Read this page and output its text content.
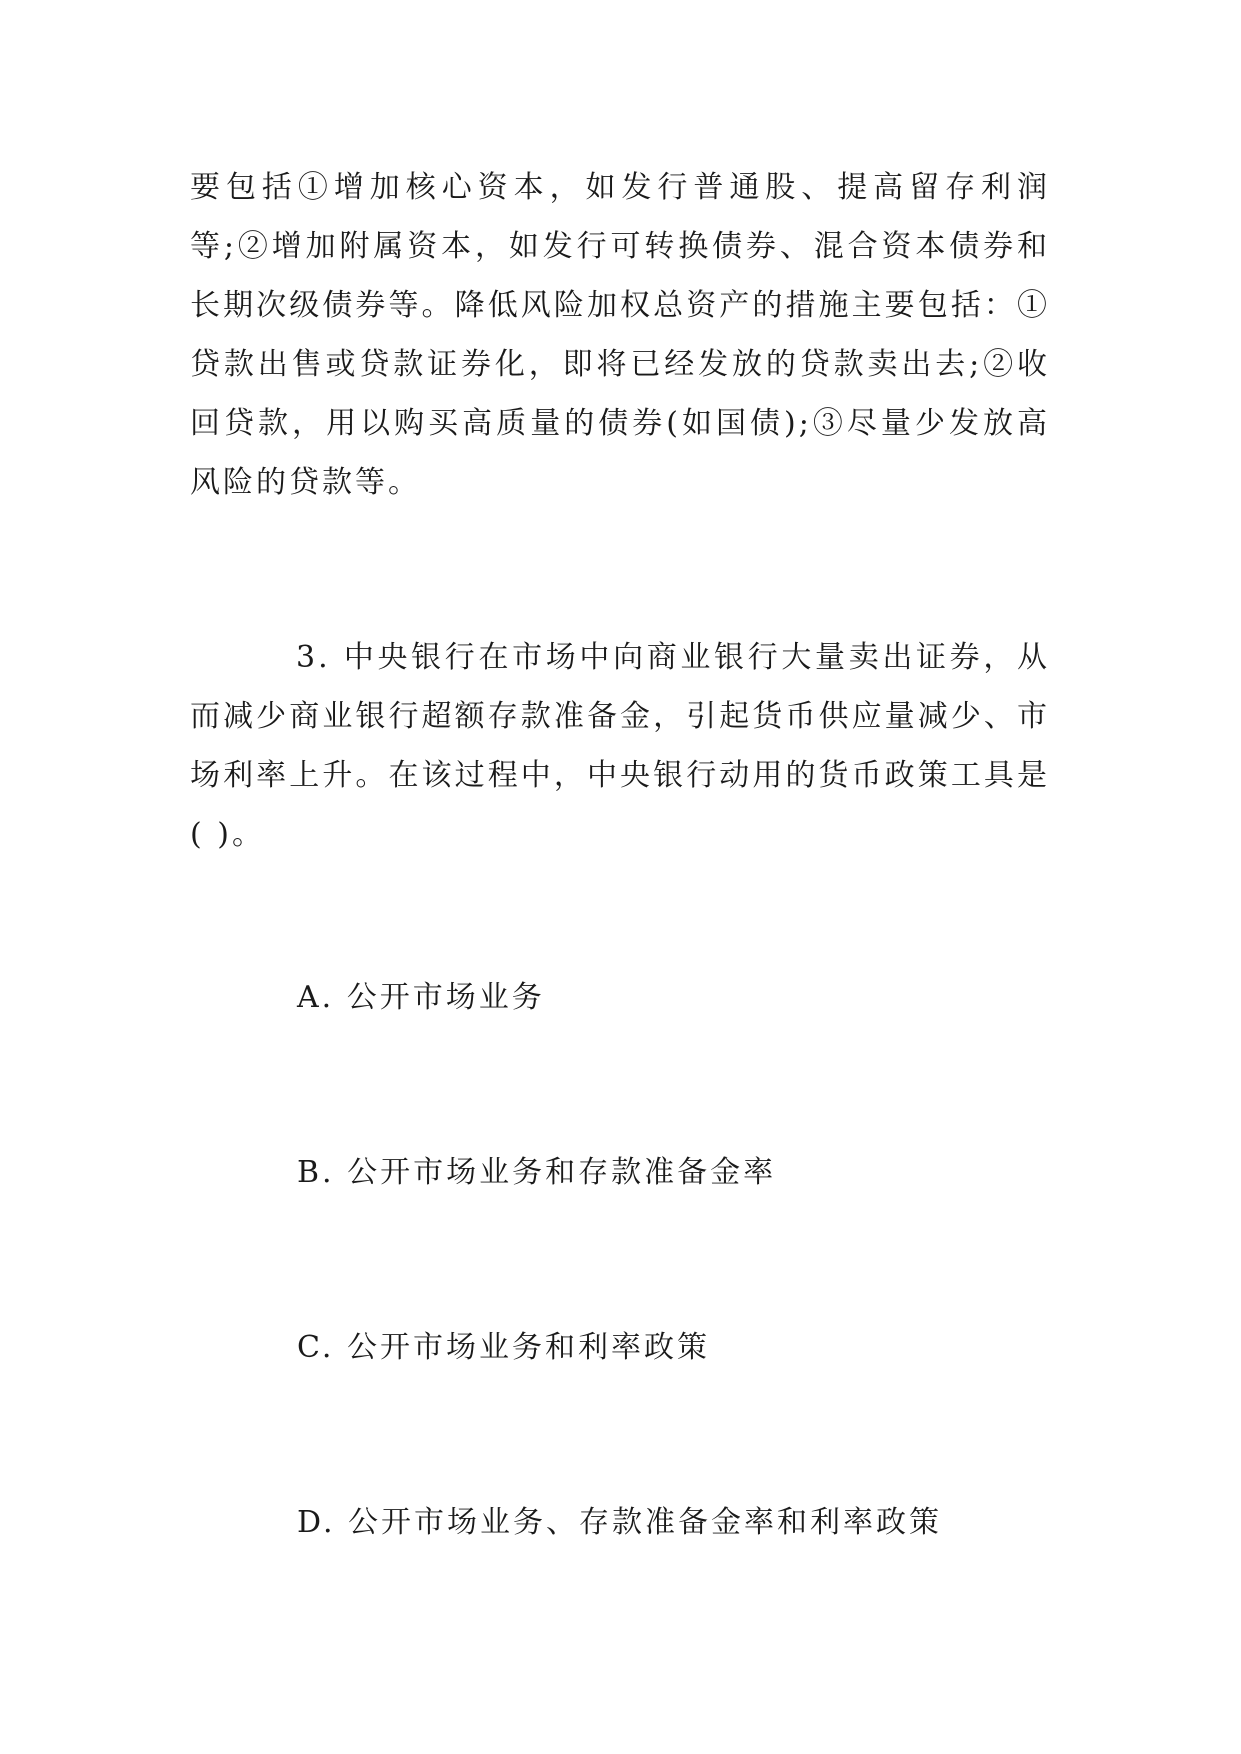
要包括①增加核心资本，如发行普通股、提高留存利润等;②增加附属资本，如发行可转换债券、混合资本债券和长期次级债券等。降低风险加权总资产的措施主要包括：①贷款出售或贷款证券化，即将已经发放的贷款卖出去;②收回贷款，用以购买高质量的债券(如国债);③尽量少发放高风险的贷款等。

3. 中央银行在市场中向商业银行大量卖出证券，从而减少商业银行超额存款准备金，引起货币供应量减少、市场利率上升。在该过程中，中央银行动用的货币政策工具是( )。

A. 公开市场业务
B. 公开市场业务和存款准备金率
C. 公开市场业务和利率政策
D. 公开市场业务、存款准备金率和利率政策
